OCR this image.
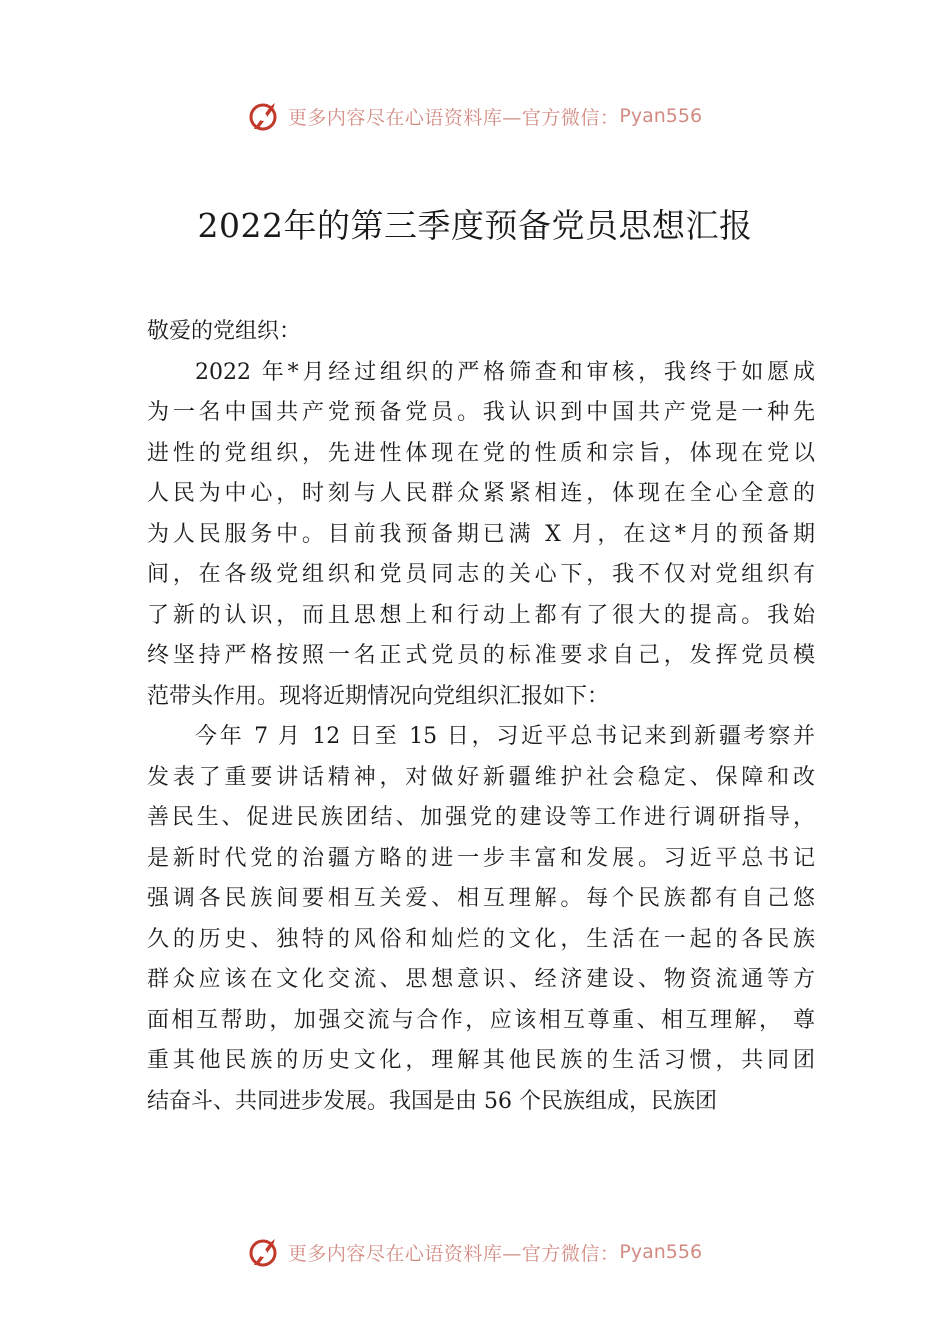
更多内容尽在心语资料库—官方微信： Pyan556
2022年的第三季度预备党员思想汇报
敬爱的党组织：
2022 年*月经过组织的严格筛查和审核，我终于如愿成
为一名中国共产党预备党员。我认识到中国共产党是一种先
进性的党组织，先进性体现在党的性质和宗旨，体现在党以
人民为中心，时刻与人民群众紧紧相连，体现在全心全意的
为人民服务中。目前我预备期已满 X 月，在这*月的预备期
间，在各级党组织和党员同志的关心下，我不仅对党组织有
了新的认识，而且思想上和行动上都有了很大的提高。我始
终坚持严格按照一名正式党员的标准要求自己，发挥党员模
范带头作用。现将近期情况向党组织汇报如下：
今年 7 月 12 日至 15 日，习近平总书记来到新疆考察并
发表了重要讲话精神，对做好新疆维护社会稳定、保障和改
善民生、促进民族团结、加强党的建设等工作进行调研指导，
是新时代党的治疆方略的进一步丰富和发展。习近平总书记
强调各民族间要相互关爱、相互理解。每个民族都有自己悠
久的历史、独特的风俗和灿烂的文化，生活在一起的各民族
群众应该在文化交流、思想意识、经济建设、物资流通等方
面相互帮助，加强交流与合作，应该相互尊重、相互理解， 尊
重其他民族的历史文化，理解其他民族的生活习惯，共同团
结奋斗、共同进步发展。我国是由 56 个民族组成，民族团
更多内容尽在心语资料库—官方微信： Pyan556
